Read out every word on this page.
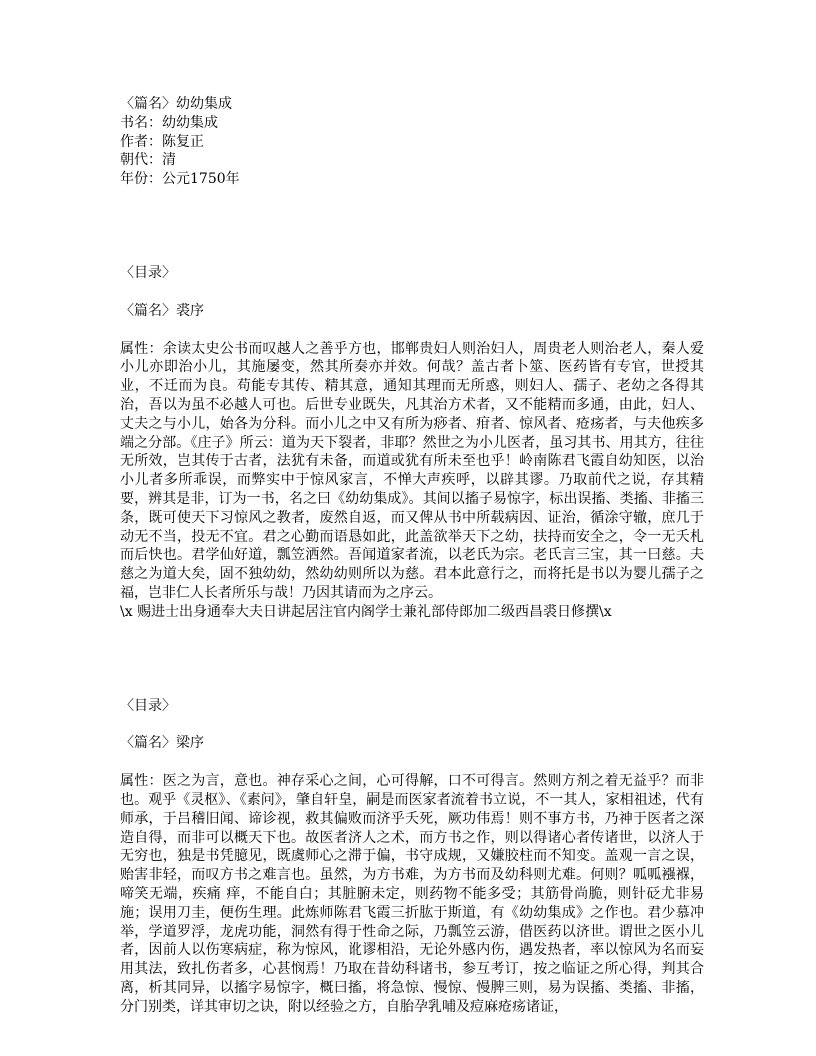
〈篇名〉幼幼集成
书名：幼幼集成
作者：陈复正
朝代：清
年份：公元1750年
〈目录〉
〈篇名〉裘序
属性：余读太史公书而叹越人之善乎方也，邯郸贵妇人则治妇人，周贵老人则治老人，秦人爱小儿亦即治小儿，其施屡变，然其所奏亦并效。何哉？盖古者卜筮、医药皆有专官，世授其业，不迁而为良。苟能专其传、精其意，通知其理而无所惑，则妇人、孺子、老幼之各得其治，吾以为虽不必越人可也。后世专业既失，凡其治方术者，又不能精而多通，由此，妇人、丈夫之与小儿，始各为分科。而小儿之中又有所为痧者、疳者、惊风者、疮疡者，与夫他疾多端之分部。《庄子》所云：道为天下裂者，非耶？然世之为小儿医者，虽习其书、用其方，往往无所效，岂其传于古者，法犹有未备，而道或犹有所未至也乎！岭南陈君飞霞自幼知医，以治小儿者多所乖误，而弊实中于惊风家言，不惮大声疾呼，以辟其谬。乃取前代之说，存其精要，辨其是非，订为一书，名之曰《幼幼集成》。其间以搐子易惊字，标出误搐、类搐、非搐三条，既可使天下习惊风之教者，废然自返，而又俾从书中所载病因、证治，循涂守辙，庶几于动无不当，投无不宜。君之心勤而语恳如此，此盖欲举天下之幼，扶持而安全之，令一无夭札而后快也。君学仙好道，瓢笠洒然。吾闻道家者流，以老氏为宗。老氏言三宝，其一曰慈。夫慈之为道大矣，固不独幼幼，然幼幼则所以为慈。君本此意行之，而将托是书以为婴儿孺子之福，岂非仁人长者所乐与哉！乃因其请而为之序云。
\x 赐进士出身通奉大夫日讲起居注官内阁学士兼礼部侍郎加二级西昌裘日修撰\x
〈目录〉
〈篇名〉梁序
属性：医之为言，意也。神存采心之间，心可得解，口不可得言。然则方剂之着无益乎？而非也。观乎《灵枢》、《素问》，肇自轩皇，嗣是而医家者流着书立说，不一其人，家相祖述，代有师承，于吕稽旧闻、谛诊视，救其偏败而济乎夭死，厥功伟焉！则不事方书，乃神于医者之深造自得，而非可以概天下也。故医者济人之术，而方书之作，则以得诸心者传诸世，以济人于无穷也，独是书凭臆见，既虞师心之滞于偏，书守成规，又嫌胶柱而不知变。盖观一言之误，贻害非轻，而叹方书之难言也。虽然，为方书难，为方书而及幼科则尤难。何则？呱呱襁褓，啼笑无端，疾痛 痒，不能自白；其脏腑未定，则药物不能多受；其筋骨尚脆，则针砭尤非易施；误用刀圭，便伤生理。此炼师陈君飞霞三折肱于斯道，有《幼幼集成》之作也。君少慕冲举，学道罗浮，龙虎功能，洞然有得于性命之际，乃瓢笠云游，借医药以济世。谓世之医小儿者，因前人以伤寒病症，称为惊风，讹谬相沿，无论外感内伤，遇发热者，率以惊风为名而妄用其法，致扎伤者多，心甚悯焉！乃取在昔幼科诸书，参互考订，按之临证之所心得，判其合离，析其同异，以搐字易惊字，概曰搐，将急惊、慢惊、慢脾三则，易为误搐、类搐、非搐，分门别类，详其审切之诀，附以经验之方，自胎孕乳哺及痘麻疮疡诸证，
